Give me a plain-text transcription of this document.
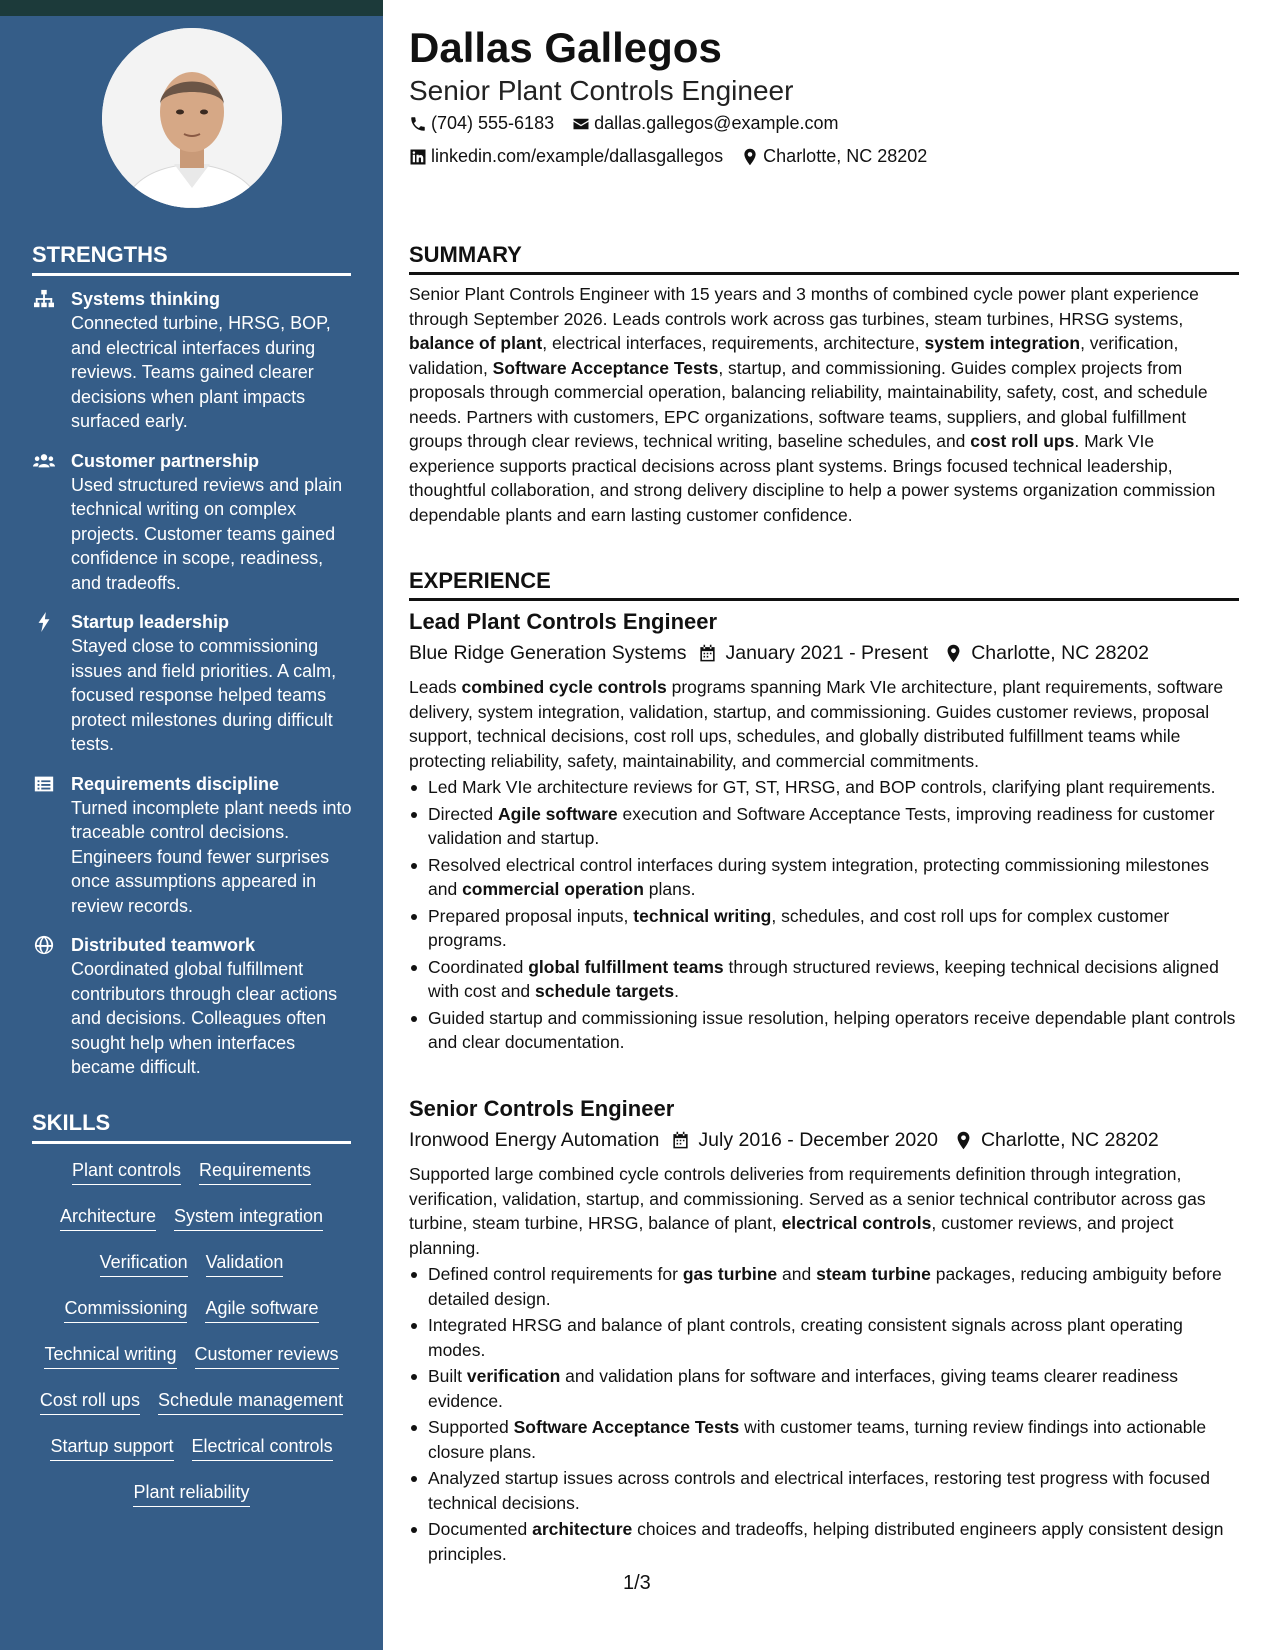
STRENGTHS
Systems thinking
Connected turbine, HRSG, BOP, and electrical interfaces during reviews. Teams gained clearer decisions when plant impacts surfaced early.
Customer partnership
Used structured reviews and plain technical writing on complex projects. Customer teams gained confidence in scope, readiness, and tradeoffs.
Startup leadership
Stayed close to commissioning issues and field priorities. A calm, focused response helped teams protect milestones during difficult tests.
Requirements discipline
Turned incomplete plant needs into traceable control decisions. Engineers found fewer surprises once assumptions appeared in review records.
Distributed teamwork
Coordinated global fulfillment contributors through clear actions and decisions. Colleagues often sought help when interfaces became difficult.
SKILLS
Plant controls Requirements
Architecture System integration
Verification Validation
Commissioning Agile software
Technical writing Customer reviews
Cost roll ups Schedule management
Startup support Electrical controls
Plant reliability
Dallas Gallegos
Senior Plant Controls Engineer
(704) 555-6183 dallas.gallegos@example.com
linkedin.com/example/dallasgallegos Charlotte, NC 28202
SUMMARY

Senior Plant Controls Engineer with 15 years and 3 months of combined cycle power plant experience through September 2026. Leads controls work across gas turbines, steam turbines, HRSG systems, balance of plant, electrical interfaces, requirements, architecture, system integration, verification, validation, Software Acceptance Tests, startup, and commissioning. Guides complex projects from proposals through commercial operation, balancing reliability, maintainability, safety, cost, and schedule needs. Partners with customers, EPC organizations, software teams, suppliers, and global fulfillment groups through clear reviews, technical writing, baseline schedules, and cost roll ups. Mark VIe experience supports practical decisions across plant systems. Brings focused technical leadership, thoughtful collaboration, and strong delivery discipline to help a power systems organization commission dependable plants and earn lasting customer confidence.

EXPERIENCE
Lead Plant Controls Engineer
Blue Ridge Generation Systems January 2021 - Present Charlotte, NC 28202

Leads combined cycle controls programs spanning Mark VIe architecture, plant requirements, software delivery, system integration, validation, startup, and commissioning. Guides customer reviews, proposal support, technical decisions, cost roll ups, schedules, and globally distributed fulfillment teams while protecting reliability, safety, maintainability, and commercial commitments.

Led Mark VIe architecture reviews for GT, ST, HRSG, and BOP controls, clarifying plant requirements.
Directed Agile software execution and Software Acceptance Tests, improving readiness for customer validation and startup.
Resolved electrical control interfaces during system integration, protecting commissioning milestones and commercial operation plans.
Prepared proposal inputs, technical writing, schedules, and cost roll ups for complex customer programs.
Coordinated global fulfillment teams through structured reviews, keeping technical decisions aligned with cost and schedule targets.
Guided startup and commissioning issue resolution, helping operators receive dependable plant controls and clear documentation.
Senior Controls Engineer
Ironwood Energy Automation July 2016 - December 2020 Charlotte, NC 28202

Supported large combined cycle controls deliveries from requirements definition through integration, verification, validation, startup, and commissioning. Served as a senior technical contributor across gas turbine, steam turbine, HRSG, balance of plant, electrical controls, customer reviews, and project planning.

Defined control requirements for gas turbine and steam turbine packages, reducing ambiguity before detailed design.
Integrated HRSG and balance of plant controls, creating consistent signals across plant operating modes.
Built verification and validation plans for software and interfaces, giving teams clearer readiness evidence.
Supported Software Acceptance Tests with customer teams, turning review findings into actionable closure plans.
Analyzed startup issues across controls and electrical interfaces, restoring test progress with focused technical decisions.
Documented architecture choices and tradeoffs, helping distributed engineers apply consistent design principles.
1/3
